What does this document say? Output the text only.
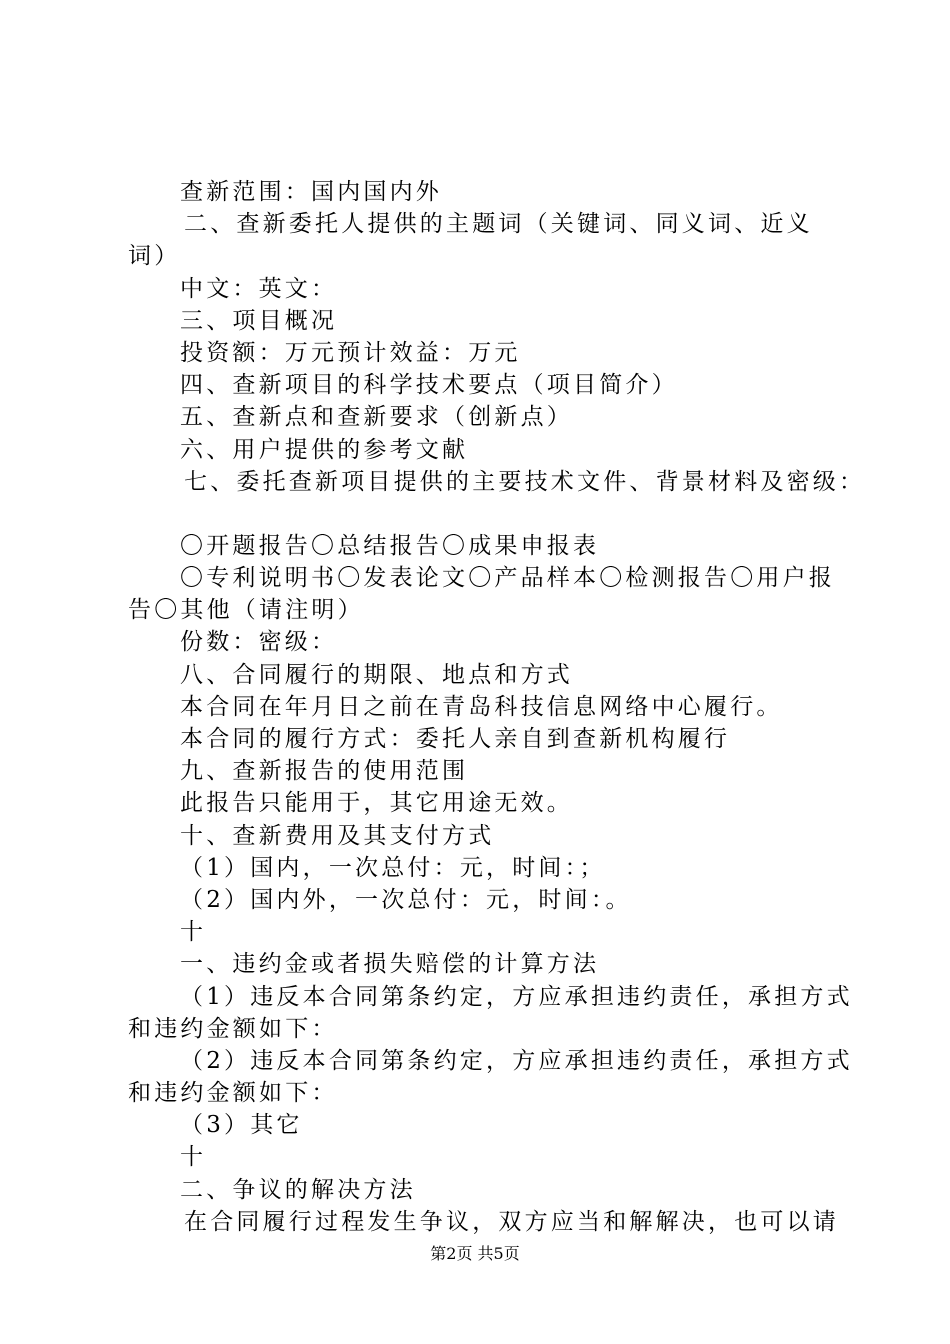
查新范围：国内国内外
二、查新委托人提供的主题词（关键词、同义词、近义
词）
中文：英文：
三、项目概况
投资额：万元预计效益：万元
四、查新项目的科学技术要点（项目简介）
五、查新点和查新要求（创新点）
六、用户提供的参考文献
七、委托查新项目提供的主要技术文件、背景材料及密级：
〇开题报告〇总结报告〇成果申报表
〇专利说明书〇发表论文〇产品样本〇检测报告〇用户报
告〇其他（请注明）
份数：密级：
八、合同履行的期限、地点和方式
本合同在年月日之前在青岛科技信息网络中心履行。
本合同的履行方式：委托人亲自到查新机构履行
九、查新报告的使用范围
此报告只能用于，其它用途无效。
十、查新费用及其支付方式
（1）国内，一次总付：元，时间：；
（2）国内外，一次总付：元，时间：。
十
一、违约金或者损失赔偿的计算方法
（1）违反本合同第条约定，方应承担违约责任，承担方式
和违约金额如下：
（2）违反本合同第条约定，方应承担违约责任，承担方式
和违约金额如下：
（3）其它
十
二、争议的解决方法
在合同履行过程发生争议，双方应当和解解决，也可以请
第2页 共5页
